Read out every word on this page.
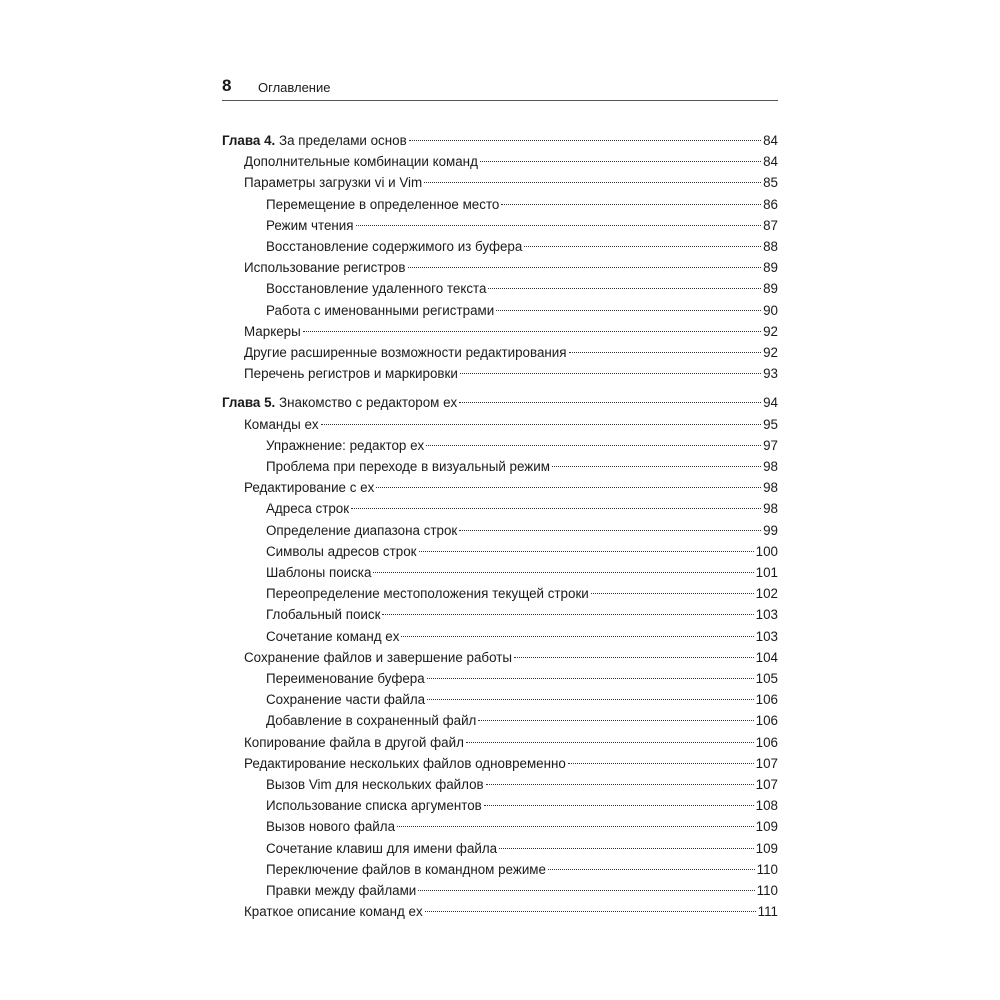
8 Оглавление
Глава 4. За пределами основ	84
Дополнительные комбинации команд	84
Параметры загрузки vi и Vim	85
Перемещение в определенное место	86
Режим чтения	87
Восстановление содержимого из буфера	88
Использование регистров	89
Восстановление удаленного текста	89
Работа с именованными регистрами	90
Маркеры	92
Другие расширенные возможности редактирования	92
Перечень регистров и маркировки	93
Глава 5. Знакомство с редактором ex	94
Команды ex	95
Упражнение: редактор ex	97
Проблема при переходе в визуальный режим	98
Редактирование с ex	98
Адреса строк	98
Определение диапазона строк	99
Символы адресов строк	100
Шаблоны поиска	101
Переопределение местоположения текущей строки	102
Глобальный поиск	103
Сочетание команд ex	103
Сохранение файлов и завершение работы	104
Переименование буфера	105
Сохранение части файла	106
Добавление в сохраненный файл	106
Копирование файла в другой файл	106
Редактирование нескольких файлов одновременно	107
Вызов Vim для нескольких файлов	107
Использование списка аргументов	108
Вызов нового файла	109
Сочетание клавиш для имени файла	109
Переключение файлов в командном режиме	110
Правки между файлами	110
Краткое описание команд ex	111
